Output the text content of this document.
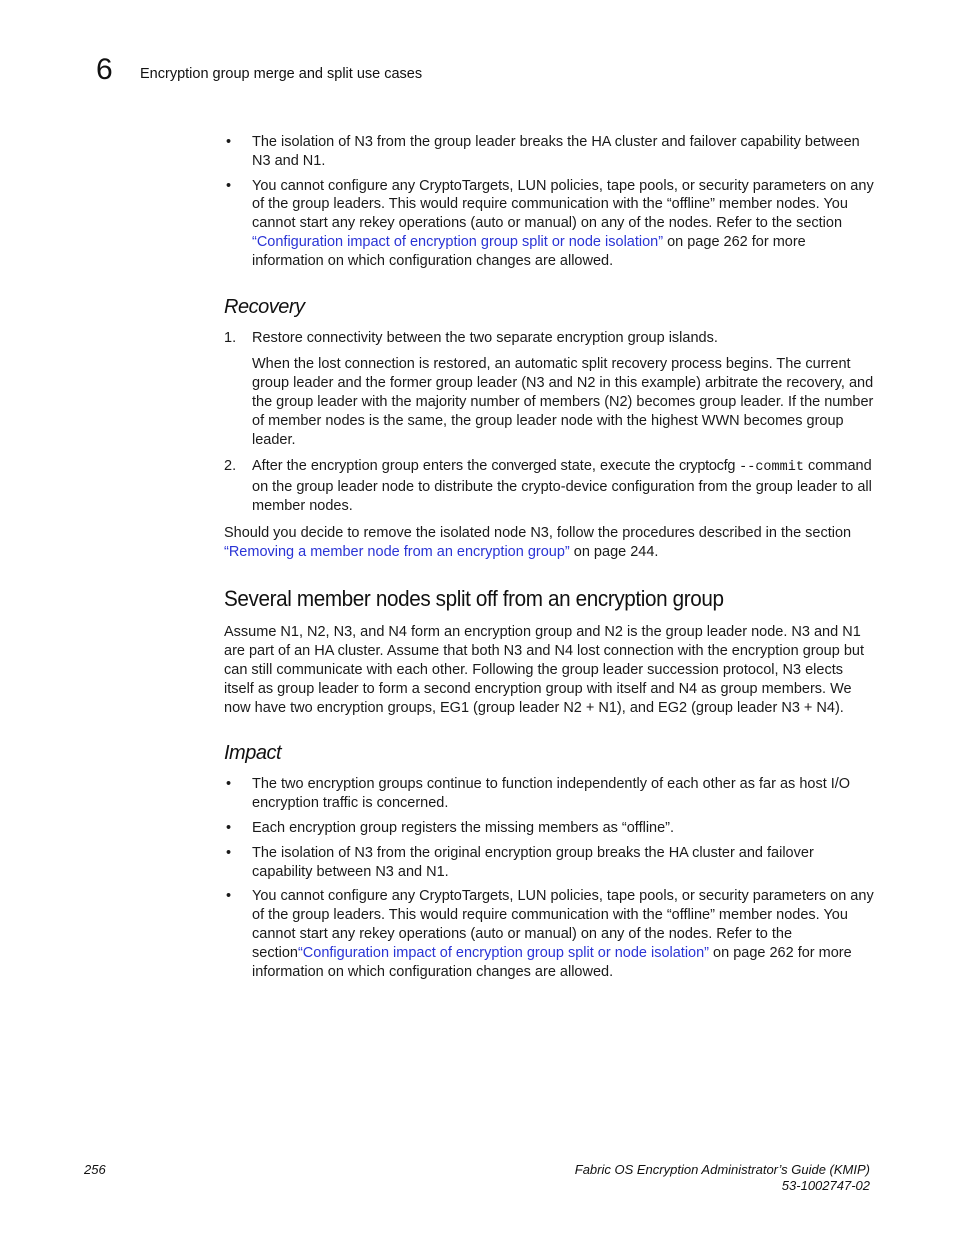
6 Encryption group merge and split use cases
• The isolation of N3 from the group leader breaks the HA cluster and failover capability between N3 and N1.
• You cannot configure any CryptoTargets, LUN policies, tape pools, or security parameters on any of the group leaders. This would require communication with the “offline” member nodes. You cannot start any rekey operations (auto or manual) on any of the nodes. Refer to the section “Configuration impact of encryption group split or node isolation” on page 262 for more information on which configuration changes are allowed.
Recovery
1. Restore connectivity between the two separate encryption group islands.

When the lost connection is restored, an automatic split recovery process begins. The current group leader and the former group leader (N3 and N2 in this example) arbitrate the recovery, and the group leader with the majority number of members (N2) becomes group leader. If the number of member nodes is the same, the group leader node with the highest WWN becomes group leader.

2. After the encryption group enters the converged state, execute the cryptocfg --commit command on the group leader node to distribute the crypto-device configuration from the group leader to all member nodes.

Should you decide to remove the isolated node N3, follow the procedures described in the section “Removing a member node from an encryption group” on page 244.

Several member nodes split off from an encryption group

Assume N1, N2, N3, and N4 form an encryption group and N2 is the group leader node. N3 and N1 are part of an HA cluster. Assume that both N3 and N4 lost connection with the encryption group but can still communicate with each other. Following the group leader succession protocol, N3 elects itself as group leader to form a second encryption group with itself and N4 as group members. We now have two encryption groups, EG1 (group leader N2 + N1), and EG2 (group leader N3 + N4).

Impact
• The two encryption groups continue to function independently of each other as far as host I/O encryption traffic is concerned.
• Each encryption group registers the missing members as “offline”.
• The isolation of N3 from the original encryption group breaks the HA cluster and failover capability between N3 and N1.
• You cannot configure any CryptoTargets, LUN policies, tape pools, or security parameters on any of the group leaders. This would require communication with the “offline” member nodes. You cannot start any rekey operations (auto or manual) on any of the nodes. Refer to the section“Configuration impact of encryption group split or node isolation” on page 262 for more information on which configuration changes are allowed.
256	Fabric OS Encryption Administrator’s Guide (KMIP)
53-1002747-02
